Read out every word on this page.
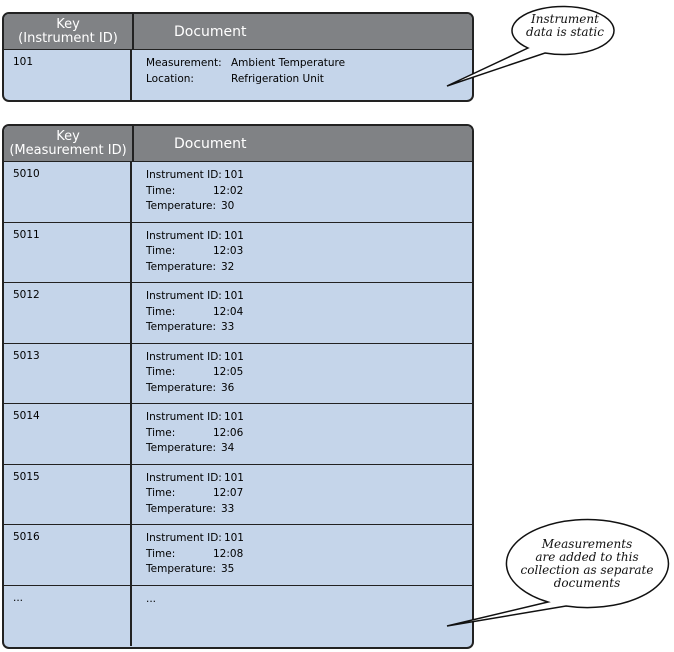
Key
(Instrument ID)	Document
101	Measurement: Ambient Temperature
Location:	Refrigeration Unit
Key
(Measurement ID)	Document
5010	Instrument ID:
  101
Time:	12:02
Temperature: 30
5011	Instrument ID:
  101
Time:	12:03
Temperature: 32
5012	Instrument ID:
  101
Time:	12:04
Temperature: 33
5013	Instrument ID:
  101
Time:	12:05
Temperature: 36
5014	Instrument ID:
  101
Time:	12:06
Temperature: 34
5015	Instrument ID:
  101
Time:	12:07
Temperature: 33
5016	Instrument ID:
  101
Time:	12:08
Temperature: 35
...	...
Instrument
data is static
Measurements
are added to this
collection as separate
documents
